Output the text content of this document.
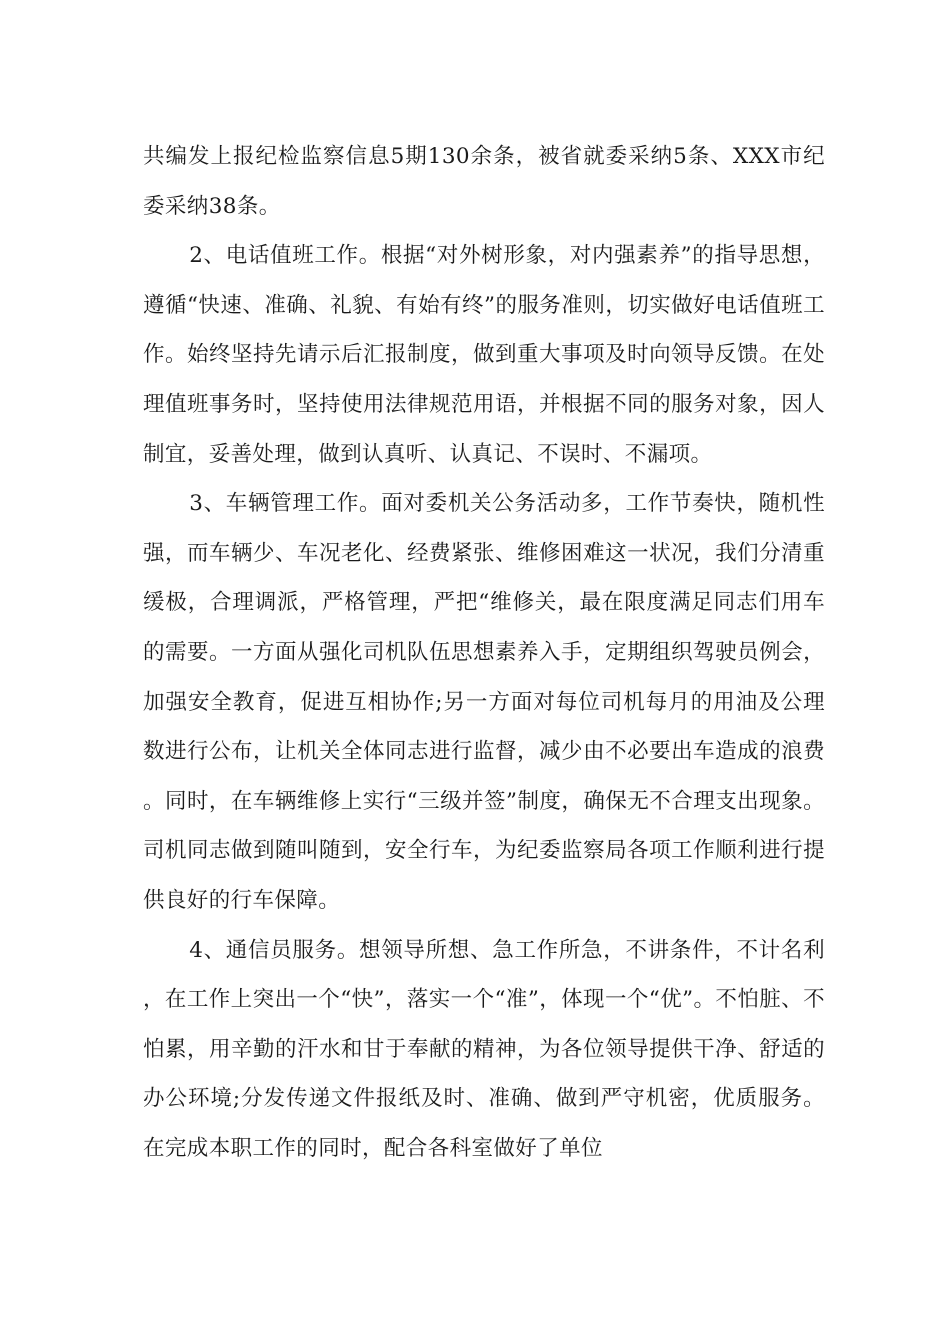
共编发上报纪检监察信息5期130余条，被省就委采纳5条、XXX市纪委采纳38条。

2、电话值班工作。根据“对外树形象，对内强素养”的指导思想，遵循“快速、准确、礼貌、有始有终”的服务准则，切实做好电话值班工作。始终坚持先请示后汇报制度，做到重大事项及时向领导反馈。在处理值班事务时，坚持使用法律规范用语，并根据不同的服务对象，因人制宜，妥善处理，做到认真听、认真记、不误时、不漏项。

3、车辆管理工作。面对委机关公务活动多，工作节奏快，随机性强，而车辆少、车况老化、经费紧张、维修困难这一状况，我们分清重缓极，合理调派，严格管理，严把“维修关，最在限度满足同志们用车的需要。一方面从强化司机队伍思想素养入手，定期组织驾驶员例会，加强安全教育，促进互相协作;另一方面对每位司机每月的用油及公理数进行公布，让机关全体同志进行监督，减少由不必要出车造成的浪费。同时，在车辆维修上实行“三级并签”制度，确保无不合理支出现象。司机同志做到随叫随到，安全行车，为纪委监察局各项工作顺利进行提供良好的行车保障。

4、通信员服务。想领导所想、急工作所急，不讲条件，不计名利，在工作上突出一个“快”，落实一个“准”，体现一个“优”。不怕脏、不怕累，用辛勤的汗水和甘于奉献的精神，为各位领导提供干净、舒适的办公环境;分发传递文件报纸及时、准确、做到严守机密，优质服务。在完成本职工作的同时，配合各科室做好了单位
